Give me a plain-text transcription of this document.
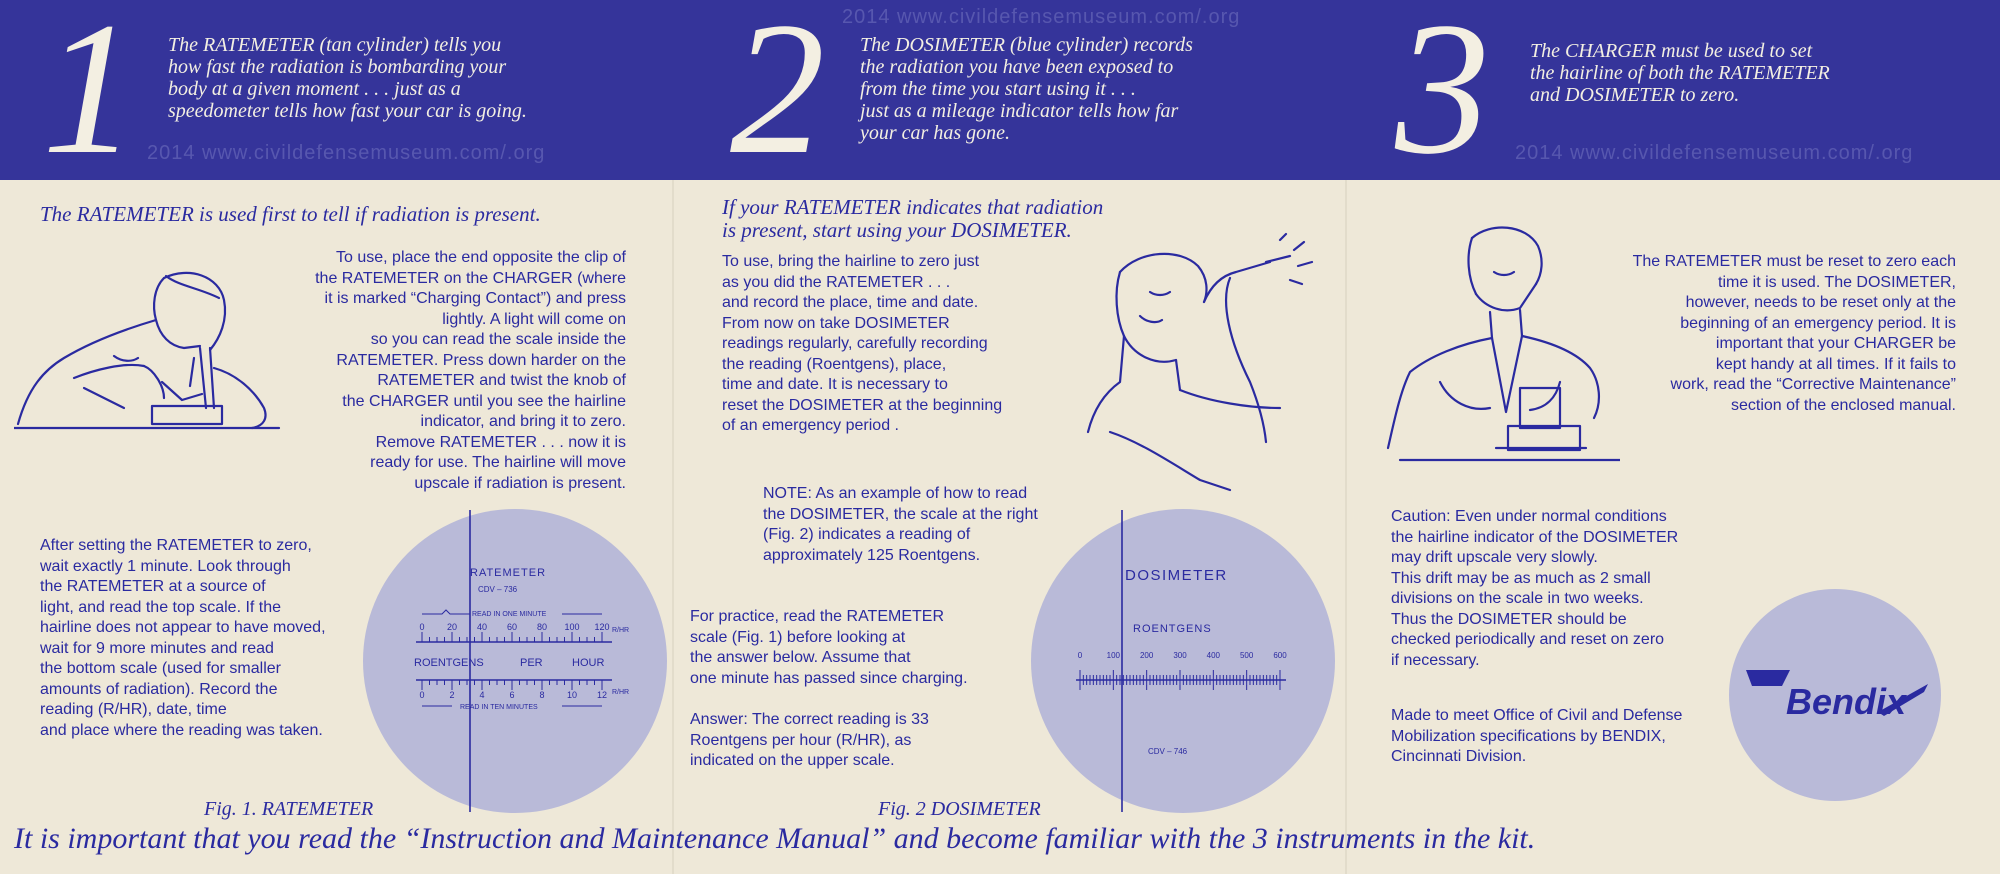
1 The RATEMETER (tan cylinder) tells you
how fast the radiation is bombarding your
body at a given moment . . . just as a
speedometer tells how fast your car is going.	2 The DOSIMETER (blue cylinder) records
the radiation you have been exposed to
from the time you start using it . . .
just as a mileage indicator tells how far
your car has gone.	3 The CHARGER must be used to set
the hairline of both the RATEMETER
and DOSIMETER to zero.
2014 www.civildefensemuseum.com/.org
2014 www.civildefensemuseum.com/.org	2014 www.civildefensemuseum.com/.org
The RATEMETER is used first to tell if radiation is present.
To use, place the end opposite the clip of
the RATEMETER on the CHARGER (where
it is marked “Charging Contact”) and press
lightly. A light will come on
so you can read the scale inside the
RATEMETER. Press down harder on the
RATEMETER and twist the knob of
the CHARGER until you see the hairline
indicator, and bring it to zero.
Remove RATEMETER . . . now it is
ready for use. The hairline will move
upscale if radiation is present.
After setting the RATEMETER to zero,
wait exactly 1 minute. Look through
the RATEMETER at a source of
light, and read the top scale. If the
hairline does not appear to have moved,
wait for 9 more minutes and read
the bottom scale (used for smaller
amounts of radiation). Record the
reading (R/HR), date, time
and place where the reading was taken.
RATEMETER
CDV – 736
READ IN ONE MINUTE
0 20 40 60 80 100 120 R/HR
ROENTGENS	PER	HOUR
0	2	4	6	8 10 12 R/HR
READ IN TEN MINUTES
Fig. 1. RATEMETER
If your RATEMETER indicates that radiation
is present, start using your DOSIMETER.
To use, bring the hairline to zero just
as you did the RATEMETER . . .
and record the place, time and date.
From now on take DOSIMETER
readings regularly, carefully recording
the reading (Roentgens), place,
time and date. It is necessary to
reset the DOSIMETER at the beginning
of an emergency period .
NOTE: As an example of how to read
the DOSIMETER, the scale at the right
(Fig. 2) indicates a reading of
approximately 125 Roentgens.
For practice, read the RATEMETER
scale (Fig. 1) before looking at
the answer below. Assume that
one minute has passed since charging.
Answer: The correct reading is 33
Roentgens per hour (R/HR), as
indicated on the upper scale.
DOSIMETER
ROENTGENS
0	100 200 300 400 500 600
CDV – 746
Fig. 2 DOSIMETER
The RATEMETER must be reset to zero each
time it is used. The DOSIMETER,
however, needs to be reset only at the
beginning of an emergency period. It is
important that your CHARGER be
kept handy at all times. If it fails to
work, read the “Corrective Maintenance”
section of the enclosed manual.
Caution: Even under normal conditions
the hairline indicator of the DOSIMETER
may drift upscale very slowly.
This drift may be as much as 2 small
divisions on the scale in two weeks.
Thus the DOSIMETER should be
checked periodically and reset on zero
if necessary.
Made to meet Office of Civil and Defense
Mobilization specifications by BENDIX,
Cincinnati Division.
Bendix
It is important that you read the “Instruction and Maintenance Manual” and become familiar with the 3 instruments in the kit.
